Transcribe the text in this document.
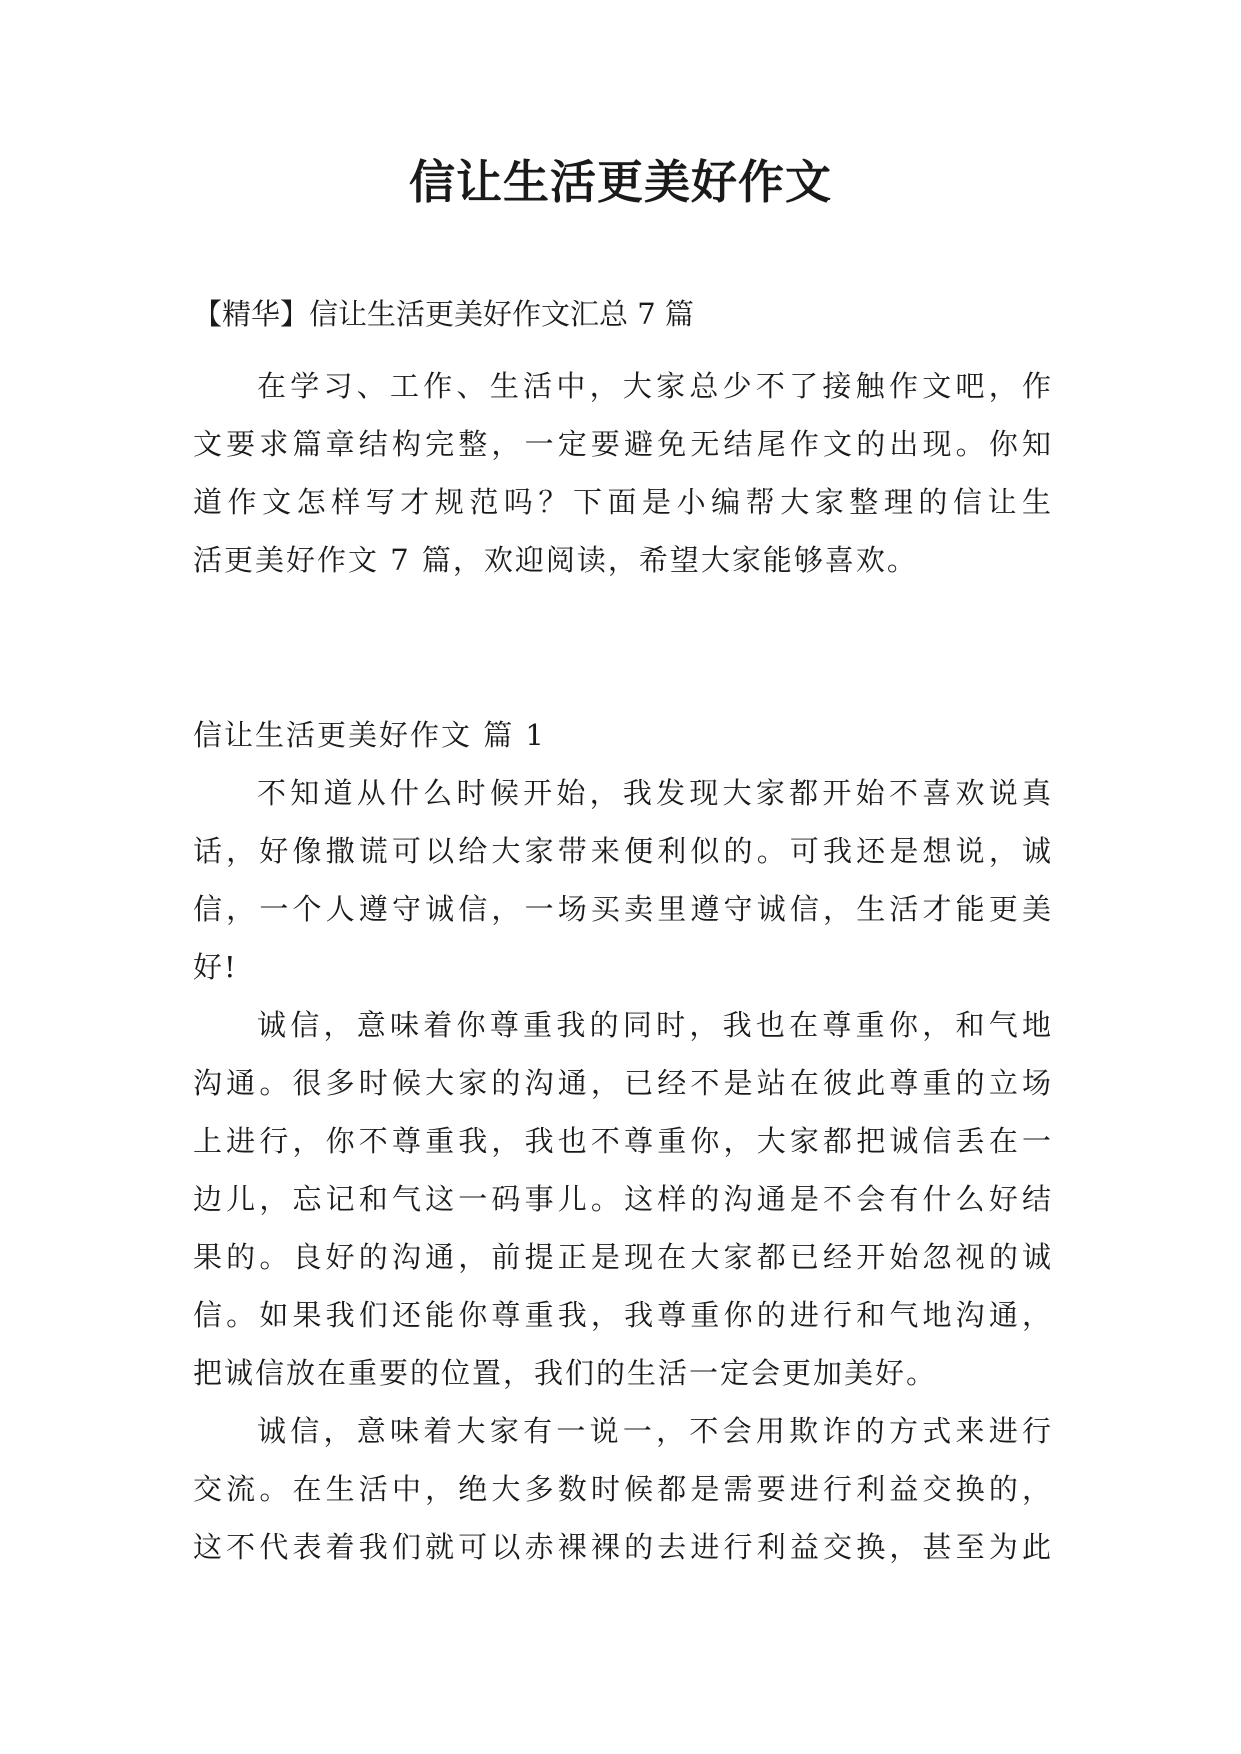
信让生活更美好作文

【精华】信让生活更美好作文汇总 7 篇

在学习、工作、生活中，大家总少不了接触作文吧，作
文要求篇章结构完整，一定要避免无结尾作文的出现。你知
道作文怎样写才规范吗？下面是小编帮大家整理的信让生
活更美好作文 7 篇，欢迎阅读，希望大家能够喜欢。

信让生活更美好作文 篇 1

不知道从什么时候开始，我发现大家都开始不喜欢说真
话，好像撒谎可以给大家带来便利似的。可我还是想说，诚
信，一个人遵守诚信，一场买卖里遵守诚信，生活才能更美
好!
诚信，意味着你尊重我的同时，我也在尊重你，和气地
沟通。很多时候大家的沟通，已经不是站在彼此尊重的立场
上进行，你不尊重我，我也不尊重你，大家都把诚信丢在一
边儿，忘记和气这一码事儿。这样的沟通是不会有什么好结
果的。良好的沟通，前提正是现在大家都已经开始忽视的诚
信。如果我们还能你尊重我，我尊重你的进行和气地沟通，
把诚信放在重要的位置，我们的生活一定会更加美好。
诚信，意味着大家有一说一，不会用欺诈的方式来进行
交流。在生活中，绝大多数时候都是需要进行利益交换的，
这不代表着我们就可以赤裸裸的去进行利益交换，甚至为此
